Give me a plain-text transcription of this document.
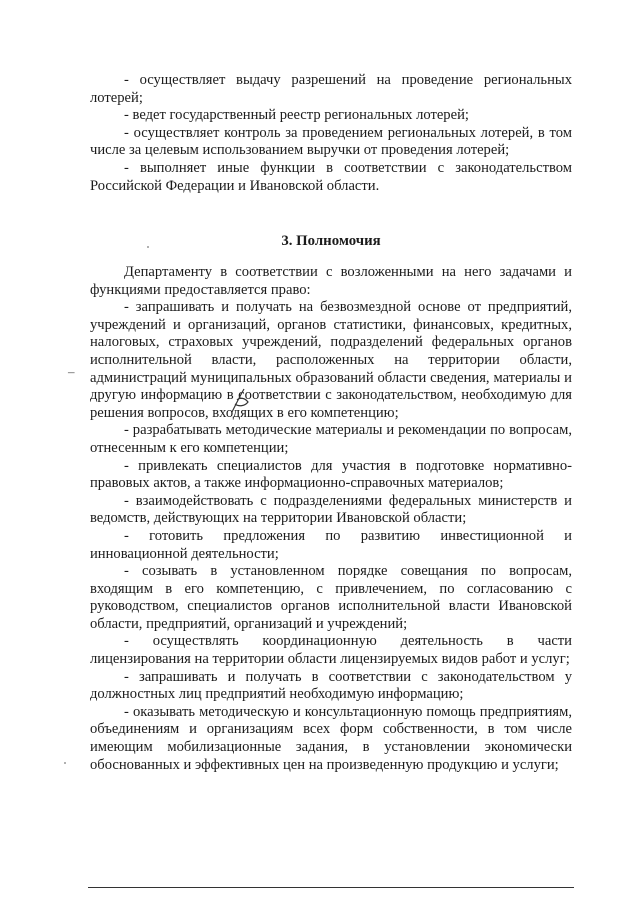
- осуществляет выдачу разрешений на проведение региональных лотерей;

- ведет государственный реестр региональных лотерей;

- осуществляет контроль за проведением региональных лотерей, в том числе за целевым использованием выручки от проведения лотерей;

- выполняет иные функции в соответствии с законодательством Российской Федерации и Ивановской области.

3. Полномочия

Департаменту в соответствии с возложенными на него задачами и функциями предоставляется право:

- запрашивать и получать на безвозмездной основе от предприятий, учреждений и организаций, органов статистики, финансовых, кредитных, налоговых, страховых учреждений, подразделений федеральных органов исполнительной власти, расположенных на территории области, администраций муниципальных образований области сведения, материалы и другую информацию в соответствии с законодательством, необходимую для решения вопросов, входящих в его компетенцию;

- разрабатывать методические материалы и рекомендации по вопросам, отнесенным к его компетенции;

- привлекать специалистов для участия в подготовке нормативно-правовых актов, а также информационно-справочных материалов;

- взаимодействовать с подразделениями федеральных министерств и ведомств, действующих на территории Ивановской области;

- готовить предложения по развитию инвестиционной и инновационной деятельности;

- созывать в установленном порядке совещания по вопросам, входящим в его компетенцию, с привлечением, по согласованию с руководством, специалистов органов исполнительной власти Ивановской области, предприятий, организаций и учреждений;

- осуществлять координационную деятельность в части лицензирования на территории области лицензируемых видов работ и услуг;

- запрашивать и получать в соответствии с законодательством у должностных лиц предприятий необходимую информацию;

- оказывать методическую и консультационную помощь предприятиям, объединениям и организациям всех форм собственности, в том числе имеющим мобилизационные задания, в установлении экономически обоснованных и эффективных цен на произведенную продукцию и услуги;

–
